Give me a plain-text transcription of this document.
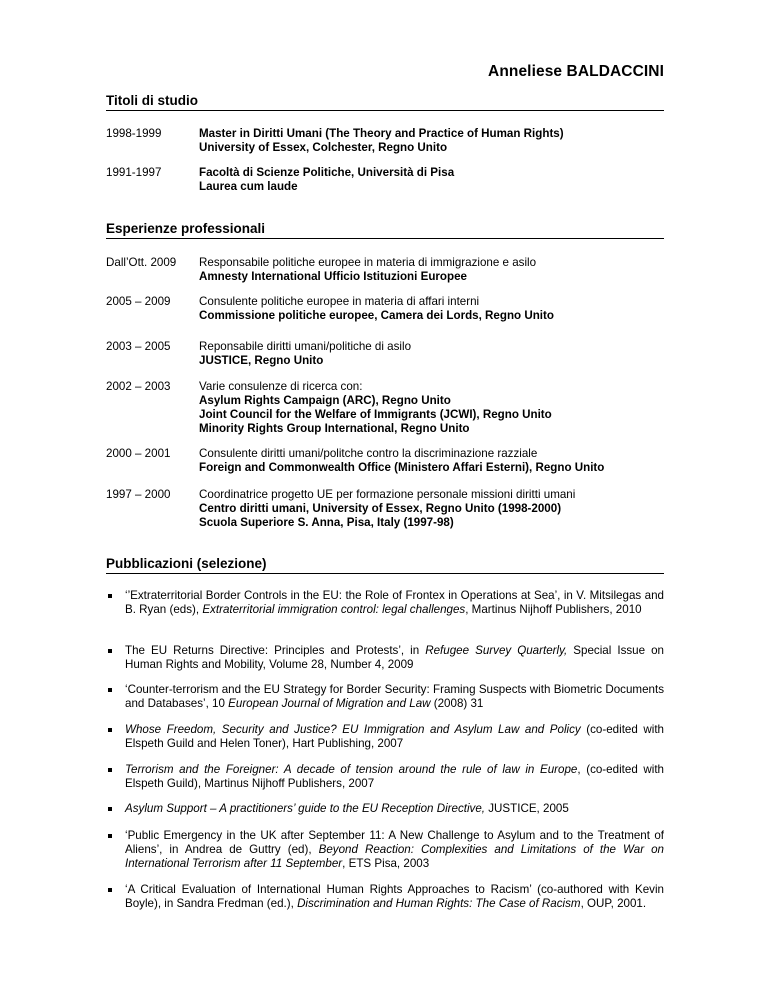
Anneliese BALDACCINI
Titoli di studio
1998-1999	Master in Diritti Umani (The Theory and Practice of Human Rights)
University of Essex, Colchester, Regno Unito
1991-1997	Facoltà di Scienze Politiche, Università di Pisa
Laurea cum laude
Esperienze professionali
Dall’Ott. 2009 Responsabile politiche europee in materia di immigrazione e asilo
Amnesty International Ufficio Istituzioni Europee
2005 – 2009 Consulente politiche europee in materia di affari interni
Commissione politiche europee, Camera dei Lords, Regno Unito
2003 – 2005 Reponsabile diritti umani/politiche di asilo
JUSTICE, Regno Unito
2002 – 2003 Varie consulenze di ricerca con:
Asylum Rights Campaign (ARC), Regno Unito
Joint Council for the Welfare of Immigrants (JCWI), Regno Unito
Minority Rights Group International, Regno Unito
2000 – 2001 Consulente diritti umani/politche contro la discriminazione razziale
Foreign and Commonwealth Office (Ministero Affari Esterni), Regno Unito
1997 – 2000 Coordinatrice progetto UE per formazione personale missioni diritti umani
Centro diritti umani, University of Essex, Regno Unito (1998-2000)
Scuola Superiore S. Anna, Pisa, Italy (1997-98)
Pubblicazioni (selezione)
‘’Extraterritorial Border Controls in the EU: the Role of Frontex in Operations at Sea’, in V. Mitsilegas and B. Ryan (eds), Extraterritorial immigration control: legal challenges, Martinus Nijhoff Publishers, 2010
The EU Returns Directive: Principles and Protests’, in Refugee Survey Quarterly, Special Issue on Human Rights and Mobility, Volume 28, Number 4, 2009
‘Counter-terrorism and the EU Strategy for Border Security: Framing Suspects with Biometric Documents and Databases’, 10 European Journal of Migration and Law (2008) 31
Whose Freedom, Security and Justice? EU Immigration and Asylum Law and Policy (co-edited with Elspeth Guild and Helen Toner), Hart Publishing, 2007
Terrorism and the Foreigner: A decade of tension around the rule of law in Europe, (co-edited with Elspeth Guild), Martinus Nijhoff Publishers, 2007
Asylum Support – A practitioners’ guide to the EU Reception Directive, JUSTICE, 2005
‘Public Emergency in the UK after September 11: A New Challenge to Asylum and to the Treatment of Aliens’, in Andrea de Guttry (ed), Beyond Reaction: Complexities and Limitations of the War on International Terrorism after 11 September, ETS Pisa, 2003
‘A Critical Evaluation of International Human Rights Approaches to Racism’ (co-authored with Kevin Boyle), in Sandra Fredman (ed.), Discrimination and Human Rights: The Case of Racism, OUP, 2001.
